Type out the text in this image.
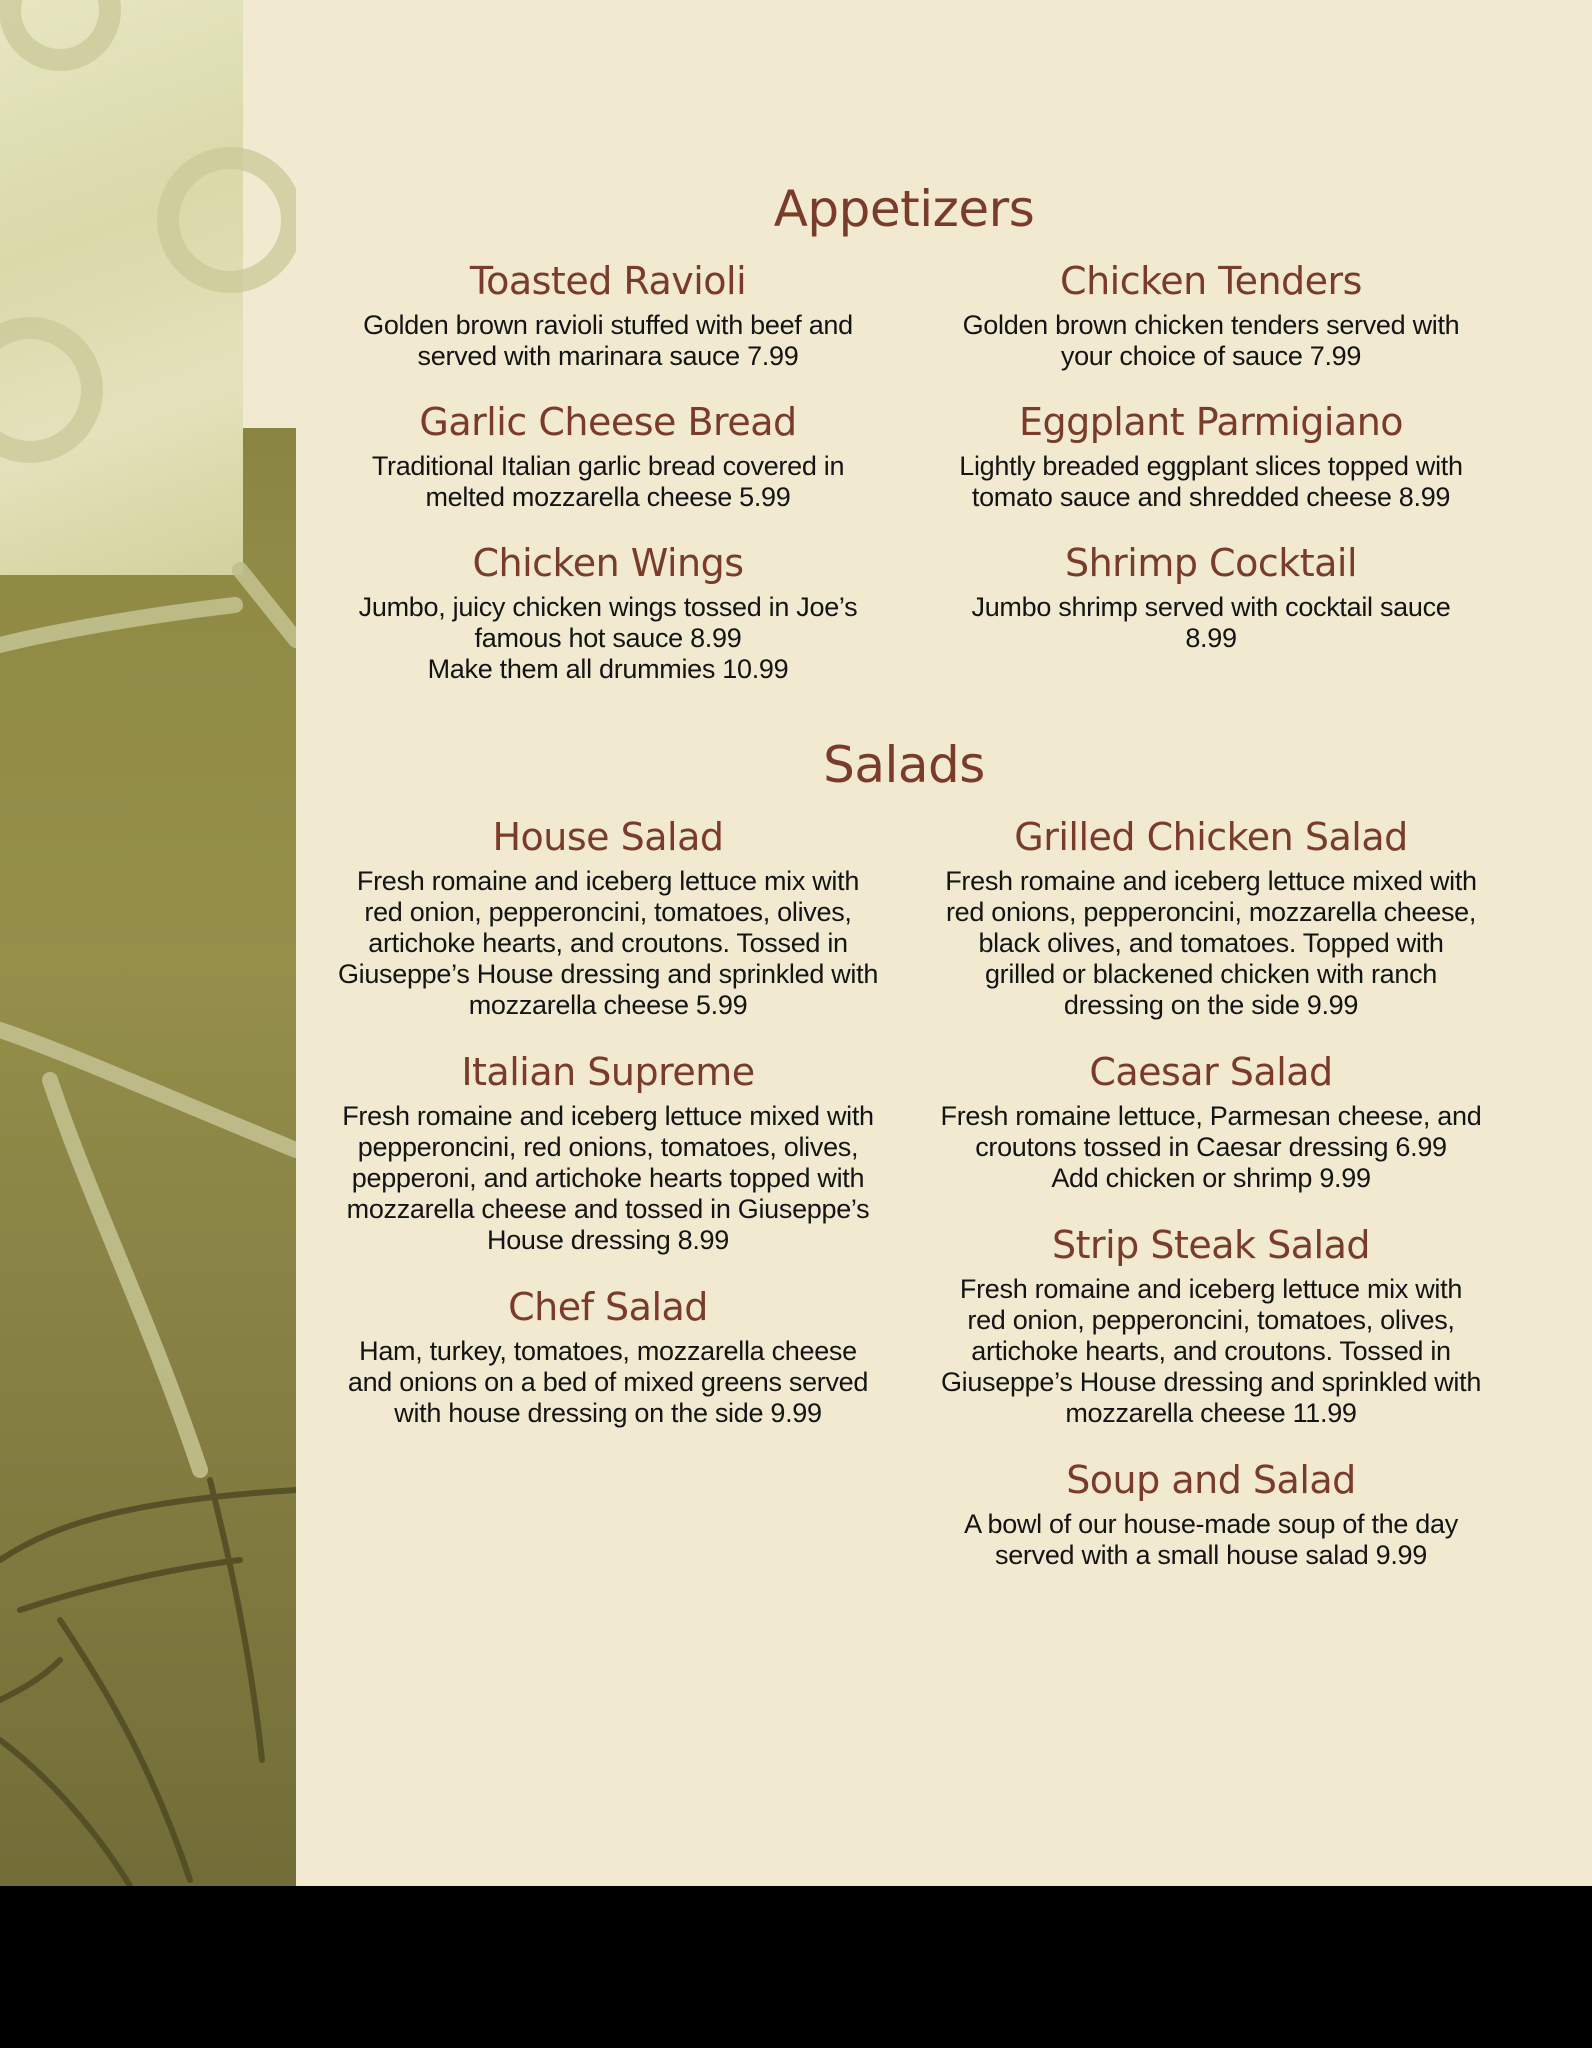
Appetizers
Toasted Ravioli

Golden brown ravioli stuffed with beef and
served with marinara sauce 7.99

Chicken Tenders

Golden brown chicken tenders served with
your choice of sauce 7.99

Garlic Cheese Bread

Traditional Italian garlic bread covered in
melted mozzarella cheese 5.99

Eggplant Parmigiano

Lightly breaded eggplant slices topped with
tomato sauce and shredded cheese 8.99

Chicken Wings

Jumbo, juicy chicken wings tossed in Joe’s
famous hot sauce 8.99
Make them all drummies 10.99

Shrimp Cocktail

Jumbo shrimp served with cocktail sauce
8.99

Salads
House Salad

Fresh romaine and iceberg lettuce mix with
red onion, pepperoncini, tomatoes, olives,
artichoke hearts, and croutons. Tossed in
Giuseppe’s House dressing and sprinkled with
mozzarella cheese 5.99

Grilled Chicken Salad

Fresh romaine and iceberg lettuce mixed with
red onions, pepperoncini, mozzarella cheese,
black olives, and tomatoes. Topped with
grilled or blackened chicken with ranch
dressing on the side 9.99

Italian Supreme

Fresh romaine and iceberg lettuce mixed with
pepperoncini, red onions, tomatoes, olives,
pepperoni, and artichoke hearts topped with
mozzarella cheese and tossed in Giuseppe’s
House dressing 8.99

Caesar Salad

Fresh romaine lettuce, Parmesan cheese, and
croutons tossed in Caesar dressing 6.99
Add chicken or shrimp 9.99

Strip Steak Salad

Fresh romaine and iceberg lettuce mix with
red onion, pepperoncini, tomatoes, olives,
artichoke hearts, and croutons. Tossed in
Giuseppe’s House dressing and sprinkled with
mozzarella cheese 11.99

Chef Salad

Ham, turkey, tomatoes, mozzarella cheese
and onions on a bed of mixed greens served
with house dressing on the side 9.99

Soup and Salad

A bowl of our house-made soup of the day
served with a small house salad 9.99
